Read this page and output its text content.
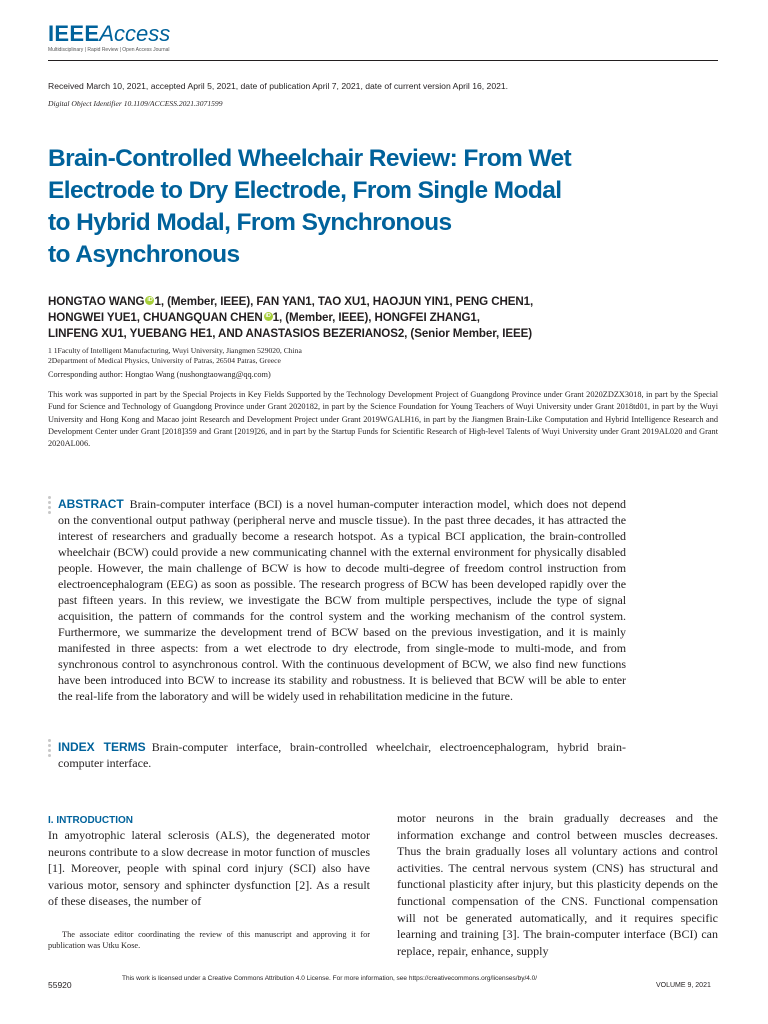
IEEEAccess
Multidisciplinary | Rapid Review | Open Access Journal
Received March 10, 2021, accepted April 5, 2021, date of publication April 7, 2021, date of current version April 16, 2021.
Digital Object Identifier 10.1109/ACCESS.2021.3071599
Brain-Controlled Wheelchair Review: From Wet
Electrode to Dry Electrode, From Single Modal
to Hybrid Modal, From Synchronous
to Asynchronous
HONGTAO WANG iD 1, (Member, IEEE), FAN YAN1, TAO XU1, HAOJUN YIN1, PENG CHEN1,
HONGWEI YUE1, CHUANGQUAN CHEN iD 1, (Member, IEEE), HONGFEI ZHANG1,
LINFENG XU1, YUEBANG HE1, AND ANASTASIOS BEZERIANOS2, (Senior Member, IEEE)
1 1Faculty of Intelligent Manufacturing, Wuyi University, Jiangmen 529020, China
2Department of Medical Physics, University of Patras, 26504 Patras, Greece
Corresponding author: Hongtao Wang (nushongtaowang@qq.com)
This work was supported in part by the Special Projects in Key Fields Supported by the Technology Development Project of Guangdong Province under Grant 2020ZDZX3018, in part by the Special Fund for Science and Technology of Guangdong Province under Grant 2020182, in part by the Science Foundation for Young Teachers of Wuyi University under Grant 2018td01, in part by the Wuyi University and Hong Kong and Macao joint Research and Development Project under Grant 2019WGALH16, in part by the Jiangmen Brain-Like Computation and Hybrid Intelligence Research and Development Center under Grant [2018]359 and Grant [2019]26, and in part by the Startup Funds for Scientific Research of High-level Talents of Wuyi University under Grant 2019AL020 and Grant 2020AL006.
ABSTRACT Brain-computer interface (BCI) is a novel human-computer interaction model, which does not depend on the conventional output pathway (peripheral nerve and muscle tissue). In the past three decades, it has attracted the interest of researchers and gradually become a research hotspot. As a typical BCI application, the brain-controlled wheelchair (BCW) could provide a new communicating channel with the external environment for physically disabled people. However, the main challenge of BCW is how to decode multi-degree of freedom control instruction from electroencephalogram (EEG) as soon as possible. The research progress of BCW has been developed rapidly over the past fifteen years. In this review, we investigate the BCW from multiple perspectives, include the type of signal acquisition, the pattern of commands for the control system and the working mechanism of the control system. Furthermore, we summarize the development trend of BCW based on the previous investigation, and it is mainly manifested in three aspects: from a wet electrode to dry electrode, from single-mode to multi-mode, and from synchronous control to asynchronous control. With the continuous development of BCW, we also find new functions have been introduced into BCW to increase its stability and robustness. It is believed that BCW will be able to enter the real-life from the laboratory and will be widely used in rehabilitation medicine in the future.
INDEX TERMS Brain-computer interface, brain-controlled wheelchair, electroencephalogram, hybrid brain-computer interface.
I. INTRODUCTION
In amyotrophic lateral sclerosis (ALS), the degenerated motor neurons contribute to a slow decrease in motor function of muscles [1]. Moreover, people with spinal cord injury (SCI) also have various motor, sensory and sphincter dysfunction [2]. As a result of these diseases, the number of
The associate editor coordinating the review of this manuscript and approving it for publication was Utku Kose.
motor neurons in the brain gradually decreases and the information exchange and control between muscles decreases. Thus the brain gradually loses all voluntary actions and control activities. The central nervous system (CNS) has structural and functional plasticity after injury, but this plasticity depends on the functional compensation of the CNS. Functional compensation will not be generated automatically, and it requires specific learning and training [3]. The brain-computer interface (BCI) can replace, repair, enhance, supply
55920
This work is licensed under a Creative Commons Attribution 4.0 License. For more information, see https://creativecommons.org/licenses/by/4.0/
VOLUME 9, 2021
